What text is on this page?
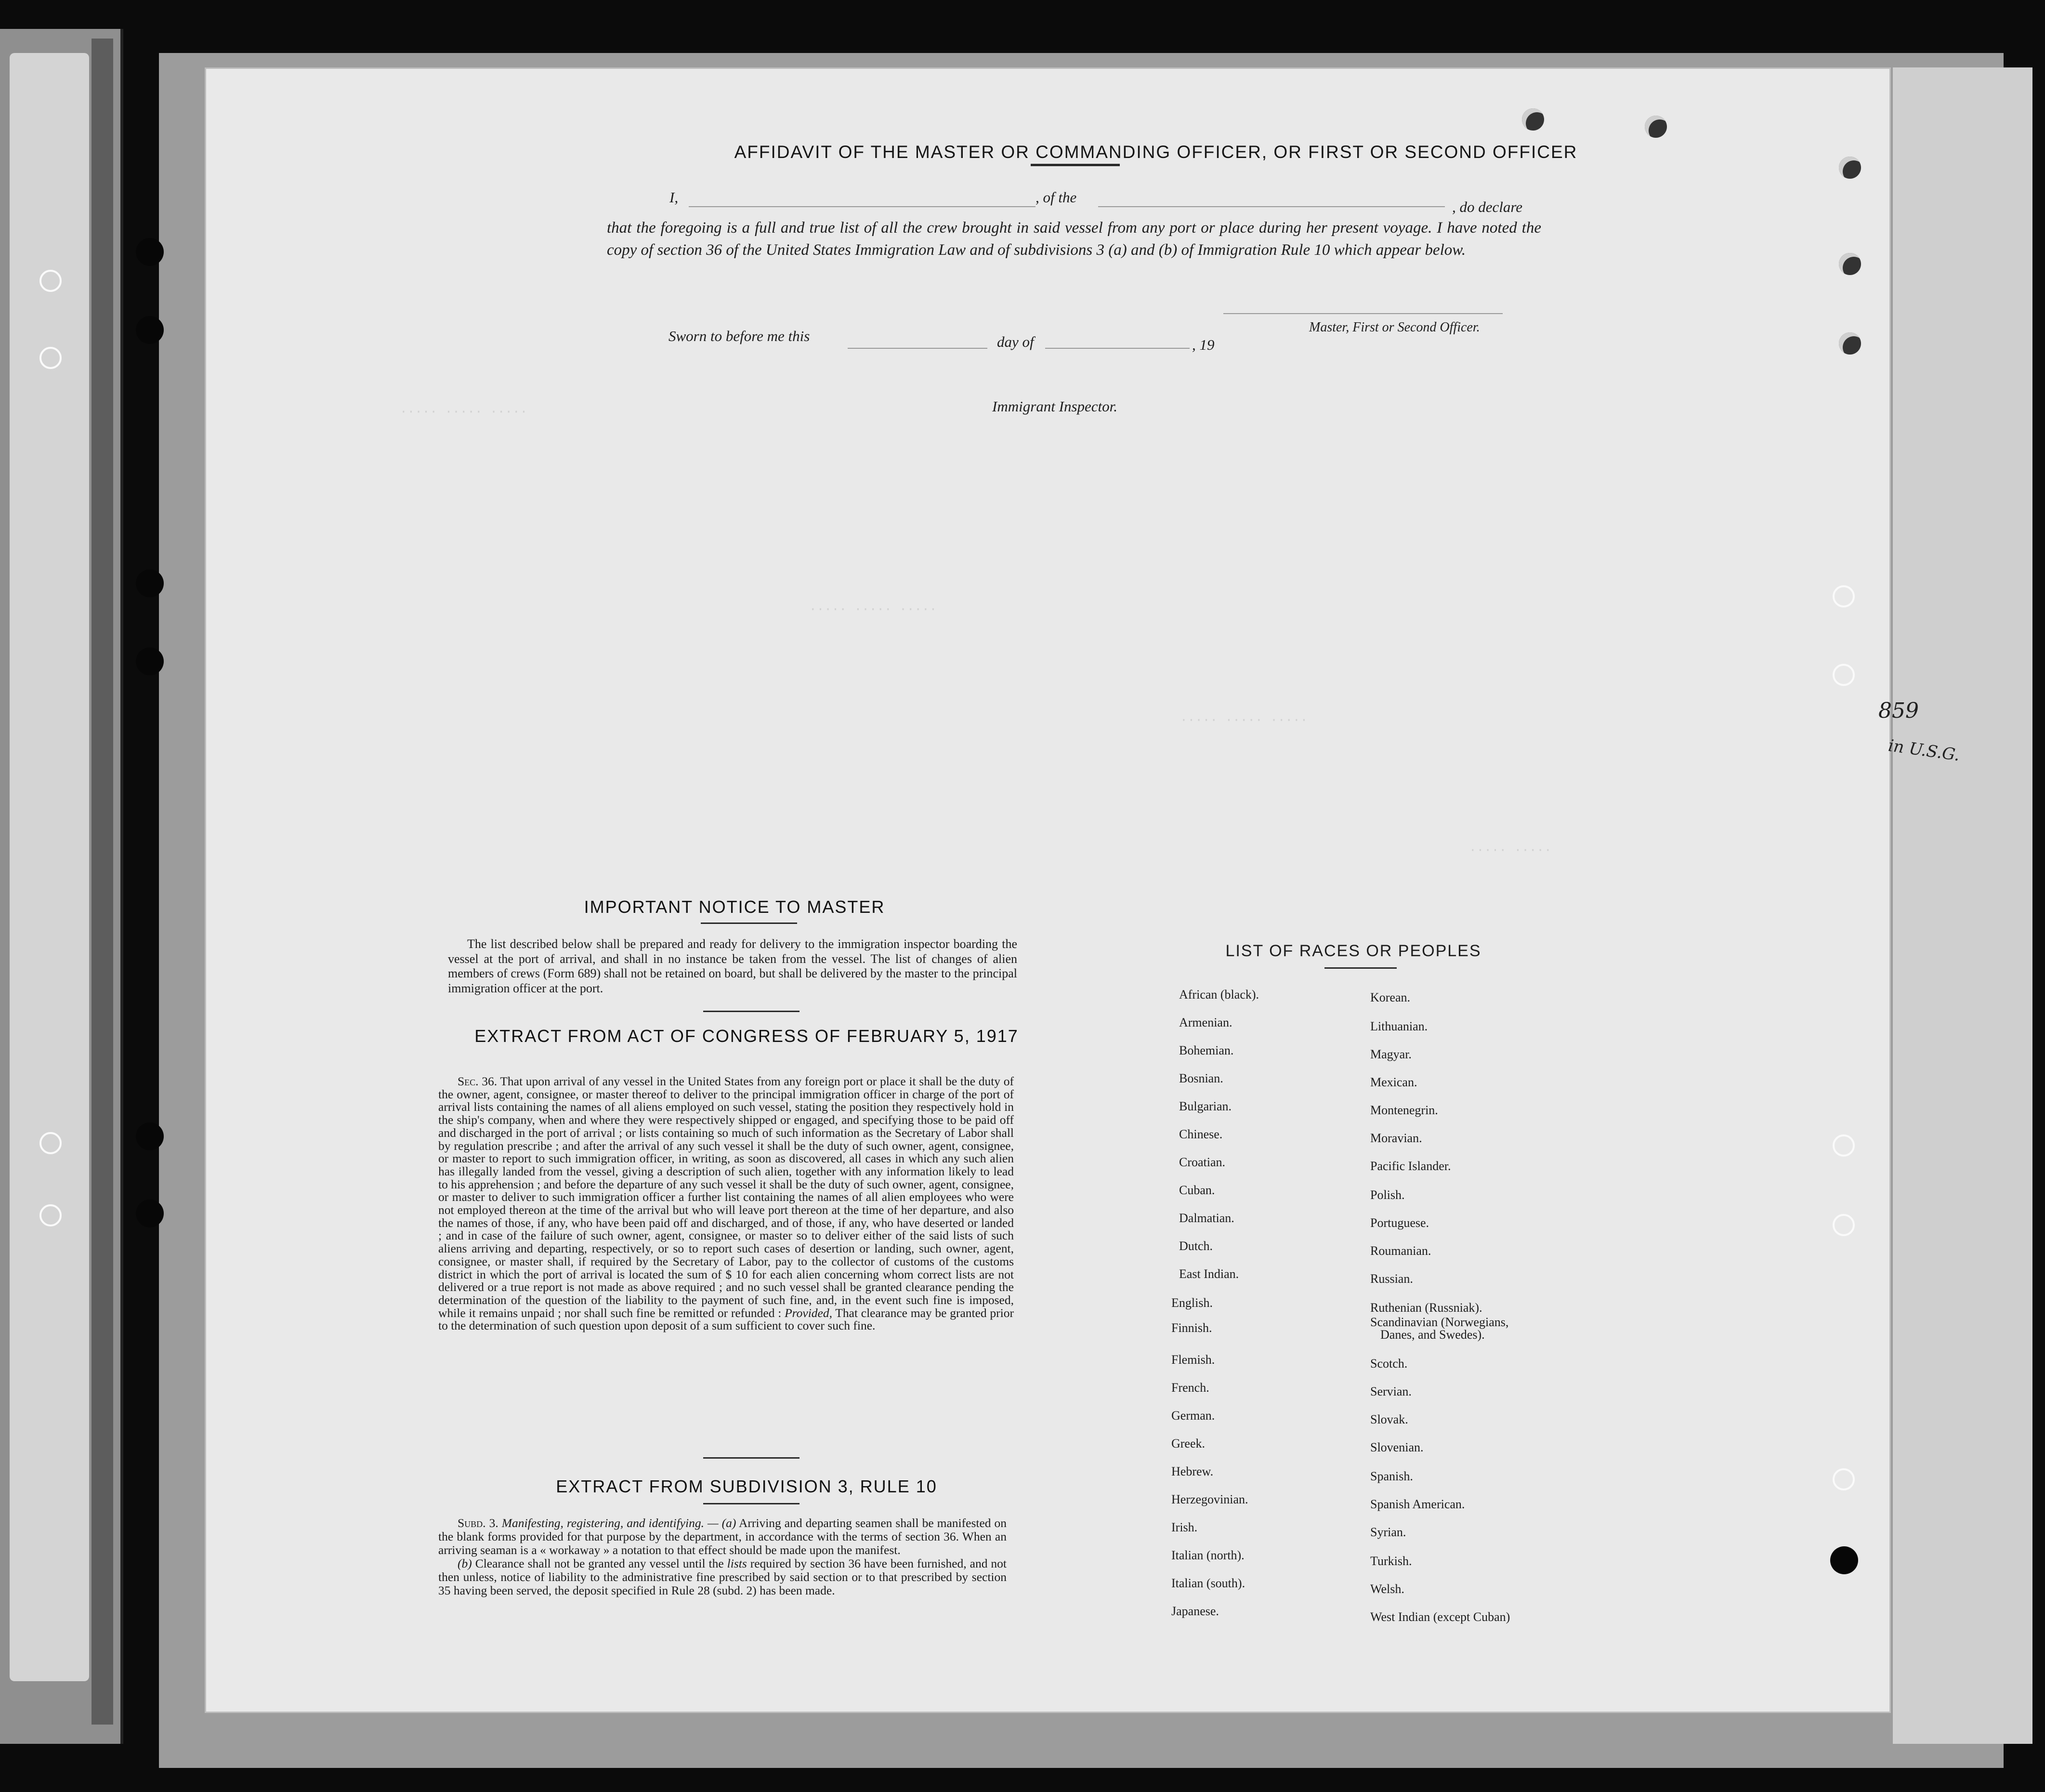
····· ····· ·····
····· ····· ·····
····· ····· ·····
····· ·····
AFFIDAVIT OF THE MASTER OR COMMANDING OFFICER, OR FIRST OR SECOND OFFICER
I,	, of the
, do declare
that the foregoing is a full and true list of all the crew brought in said vessel from any port or place during her present voyage. I have noted the copy of section 36 of the United States Immigration Law and of subdivisions 3 (a) and (b) of Immigration Rule 10 which appear below.
Master, First or Second Officer.
Sworn to before me this	day of	, 19
Immigrant Inspector.
IMPORTANT NOTICE TO MASTER
The list described below shall be prepared and ready for delivery to the immigration inspector boarding the vessel at the port of arrival, and shall in no instance be taken from the vessel. The list of changes of alien members of crews (Form 689) shall not be retained on board, but shall be delivered by the master to the principal immigration officer at the port.
EXTRACT FROM ACT OF CONGRESS OF FEBRUARY 5, 1917
Sec. 36. That upon arrival of any vessel in the United States from any foreign port or place it shall be the duty of the owner, agent, consignee, or master thereof to deliver to the principal immigration officer in charge of the port of arrival lists containing the names of all aliens employed on such vessel, stating the position they respectively hold in the ship's company, when and where they were respectively shipped or engaged, and specifying those to be paid off and discharged in the port of arrival ; or lists containing so much of such information as the Secretary of Labor shall by regulation prescribe ; and after the arrival of any such vessel it shall be the duty of such owner, agent, consignee, or master to report to such immigration officer, in writing, as soon as discovered, all cases in which any such alien has illegally landed from the vessel, giving a description of such alien, together with any information likely to lead to his apprehension ; and before the departure of any such vessel it shall be the duty of such owner, agent, consignee, or master to deliver to such immigration officer a further list containing the names of all alien employees who were not employed thereon at the time of the arrival but who will leave port thereon at the time of her departure, and also the names of those, if any, who have been paid off and discharged, and of those, if any, who have deserted or landed ; and in case of the failure of such owner, agent, consignee, or master so to deliver either of the said lists of such aliens arriving and departing, respectively, or so to report such cases of desertion or landing, such owner, agent, consignee, or master shall, if required by the Secretary of Labor, pay to the collector of customs of the customs district in which the port of arrival is located the sum of $ 10 for each alien concerning whom correct lists are not delivered or a true report is not made as above required ; and no such vessel shall be granted clearance pending the determination of the question of the liability to the payment of such fine, and, in the event such fine is imposed, while it remains unpaid ; nor shall such fine be remitted or refunded : Provided, That clearance may be granted prior to the determination of such question upon deposit of a sum sufficient to cover such fine.
EXTRACT FROM SUBDIVISION 3, RULE 10
Subd. 3. Manifesting, registering, and identifying. — (a) Arriving and departing seamen shall be manifested on the blank forms provided for that purpose by the department, in accordance with the terms of section 36. When an arriving seaman is a « workaway » a notation to that effect should be made upon the manifest.
(b) Clearance shall not be granted any vessel until the lists required by section 36 have been furnished, and not then unless, notice of liability to the administrative fine prescribed by said section or to that prescribed by section 35 having been served, the deposit specified in Rule 28 (subd. 2) has been made.
LIST OF RACES OR PEOPLES
African (black).
Armenian.
Bohemian.
Bosnian.
Bulgarian.
Chinese.
Croatian.
Cuban.
Dalmatian.
Dutch.
East Indian.
English.
Finnish.
Flemish.
French.
German.
Greek.
Hebrew.
Herzegovinian.
Irish.
Italian (north).
Italian (south).
Japanese.
Korean.
Lithuanian.
Magyar.
Mexican.
Montenegrin.
Moravian.
Pacific Islander.
Polish.
Portuguese.
Roumanian.
Russian.
Ruthenian (Russniak).
Scandinavian (Norwegians,
Danes, and Swedes).
Scotch.
Servian.
Slovak.
Slovenian.
Spanish.
Spanish American.
Syrian.
Turkish.
Welsh.
West Indian (except Cuban)
859
in U.S.G.
